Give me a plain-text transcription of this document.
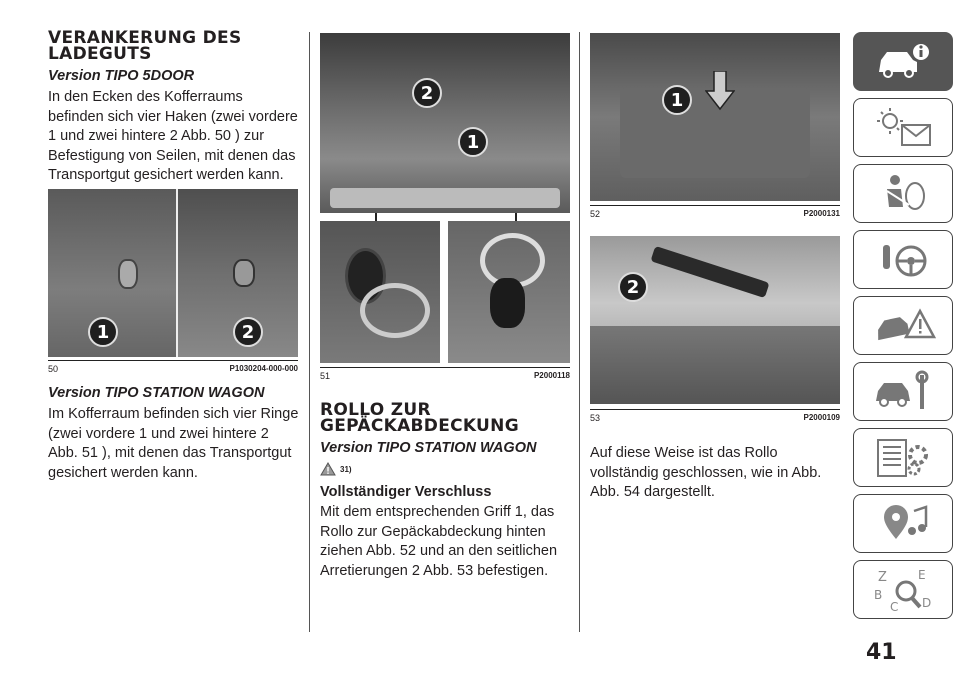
VERANKERUNG DES LADEGUTS
Version TIPO 5DOOR

In den Ecken des Kofferraums befinden sich vier Haken (zwei vordere 1 und zwei hintere 2 Abb. 50 ) zur Befestigung von Seilen, mit denen das Transportgut gesichert werden kann.

1	2
50	P1030204-000-000
Version TIPO STATION WAGON

Im Kofferraum befinden sich vier Ringe (zwei vordere 1 und zwei hintere 2 Abb. 51 ), mit denen das Transportgut gesichert werden kann.

2
1
51	P2000118
ROLLO ZUR GEPÄCKABDECKUNG
Version TIPO STATION WAGON
31)
Vollständiger Verschluss

Mit dem entsprechenden Griff 1, das Rollo zur Gepäckabdeckung hinten ziehen Abb. 52 und an den seitlichen Arretierungen 2 Abb. 53 befestigen.

1
52	P2000131
2
53	P2000109

Auf diese Weise ist das Rollo vollständig geschlossen, wie in Abb. Abb. 54 dargestellt.

Z	E
B
D
C
41
